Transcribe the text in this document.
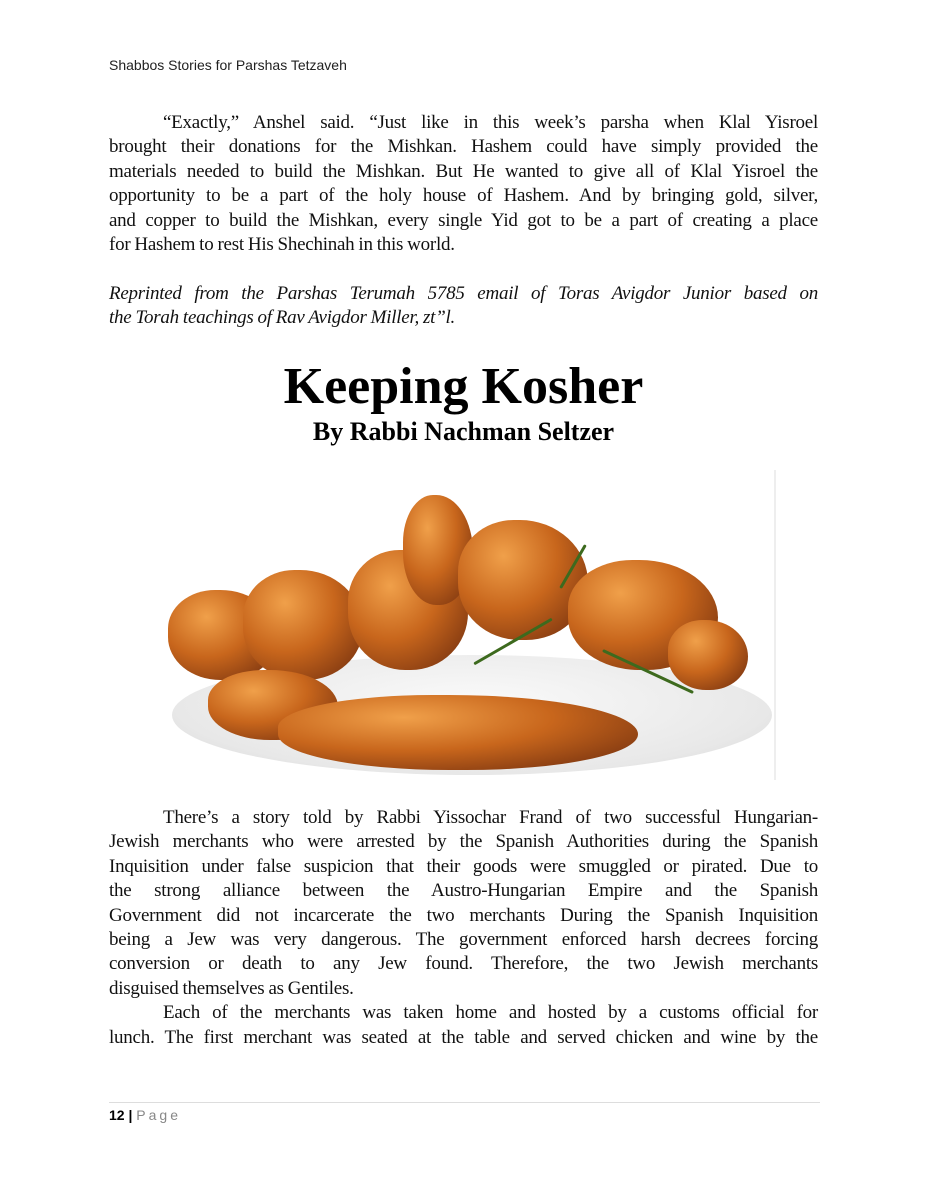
Shabbos Stories for Parshas Tetzaveh
“Exactly,” Anshel said. “Just like in this week’s parsha when Klal Yisroel
brought their donations for the Mishkan. Hashem could have simply provided the
materials needed to build the Mishkan. But He wanted to give all of Klal Yisroel the
opportunity to be a part of the holy house of Hashem. And by bringing gold, silver,
and copper to build the Mishkan, every single Yid got to be a part of creating a place
for Hashem to rest His Shechinah in this world.
Reprinted from the Parshas Terumah 5785 email of Toras Avigdor Junior based on
the Torah teachings of Rav Avigdor Miller, zt”l.
Keeping Kosher
By Rabbi Nachman Seltzer
There’s a story told by Rabbi Yissochar Frand of two successful Hungarian-
Jewish merchants who were arrested by the Spanish Authorities during the Spanish
Inquisition under false suspicion that their goods were smuggled or pirated. Due to
the strong alliance between the Austro-Hungarian Empire and the Spanish
Government did not incarcerate the two merchants During the Spanish Inquisition
being a Jew was very dangerous. The government enforced harsh decrees forcing
conversion or death to any Jew found. Therefore, the two Jewish merchants
disguised themselves as Gentiles.
Each of the merchants was taken home and hosted by a customs official for
lunch. The first merchant was seated at the table and served chicken and wine by the
12 | Page
